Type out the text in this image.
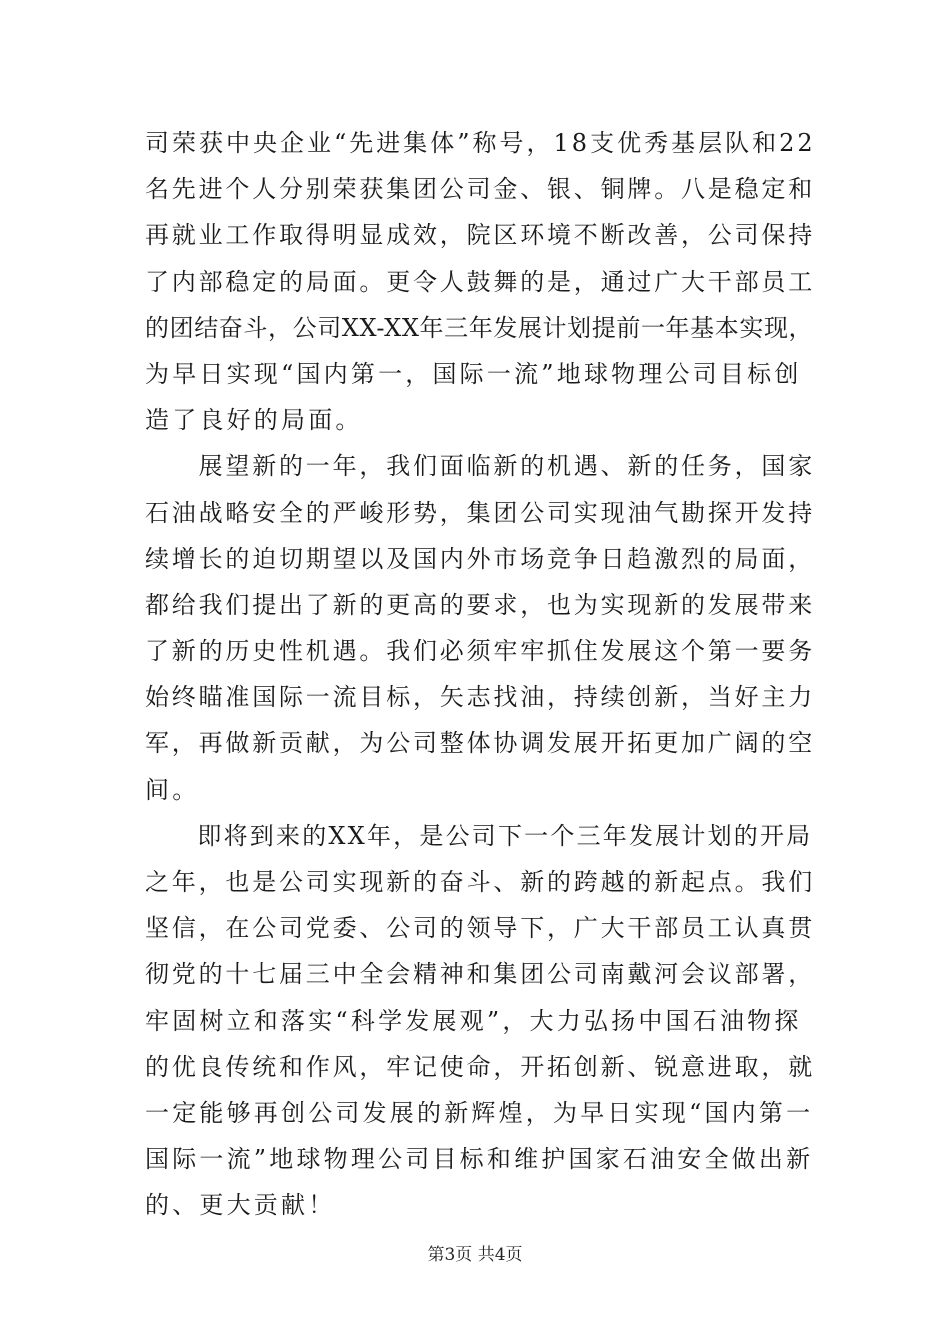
司荣获中央企业“先进集体”称号，18支优秀基层队和22
名先进个人分别荣获集团公司金、银、铜牌。八是稳定和
再就业工作取得明显成效，院区环境不断改善，公司保持
了内部稳定的局面。更令人鼓舞的是，通过广大干部员工
的团结奋斗，公司XX-XX年三年发展计划提前一年基本实现，
为早日实现“国内第一，国际一流”地球物理公司目标创
造了良好的局面。
　　展望新的一年，我们面临新的机遇、新的任务，国家
石油战略安全的严峻形势，集团公司实现油气勘探开发持
续增长的迫切期望以及国内外市场竞争日趋激烈的局面，
都给我们提出了新的更高的要求，也为实现新的发展带来
了新的历史性机遇。我们必须牢牢抓住发展这个第一要务
始终瞄准国际一流目标，矢志找油，持续创新，当好主力
军，再做新贡献，为公司整体协调发展开拓更加广阔的空
间。
　　即将到来的XX年，是公司下一个三年发展计划的开局
之年，也是公司实现新的奋斗、新的跨越的新起点。我们
坚信，在公司党委、公司的领导下，广大干部员工认真贯
彻党的十七届三中全会精神和集团公司南戴河会议部署，
牢固树立和落实“科学发展观”，大力弘扬中国石油物探
的优良传统和作风，牢记使命，开拓创新、锐意进取，就
一定能够再创公司发展的新辉煌，为早日实现“国内第一
国际一流”地球物理公司目标和维护国家石油安全做出新
的、更大贡献！
第3页 共4页
